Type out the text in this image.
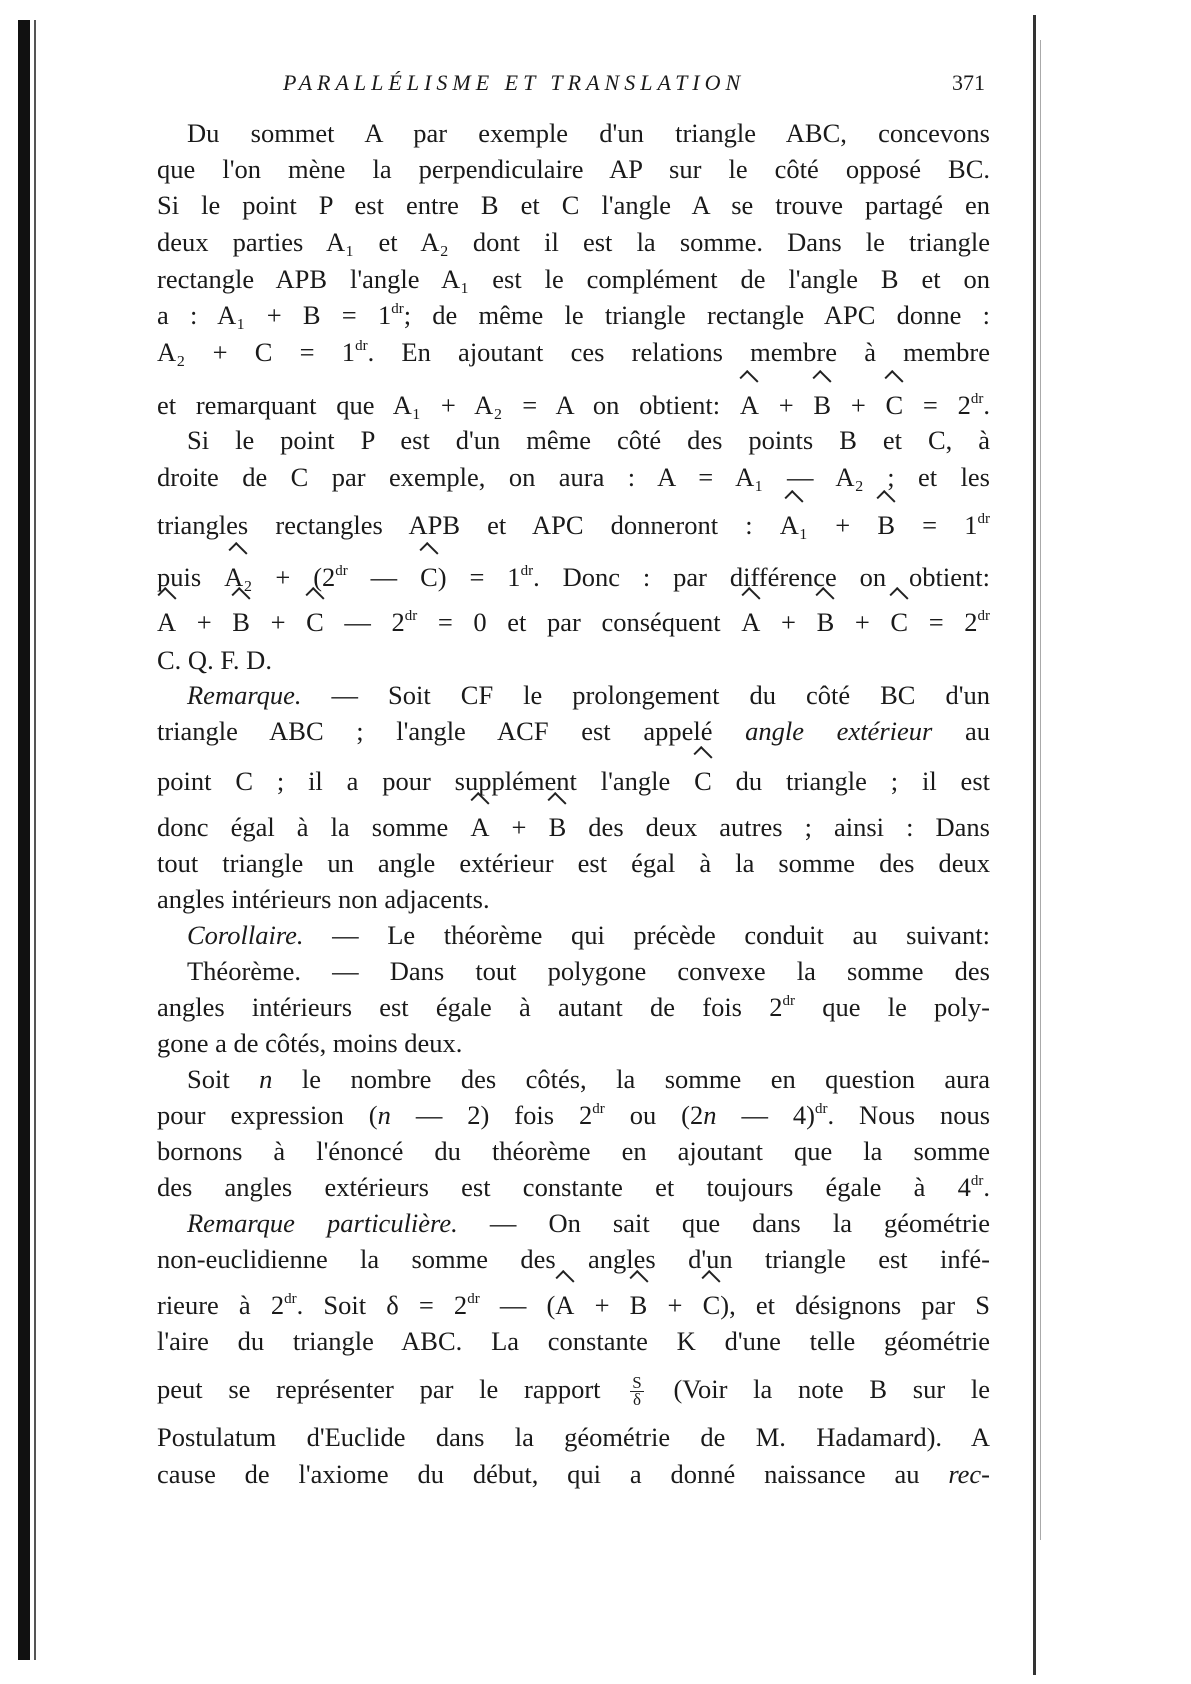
PARALLÉLISME ET TRANSLATION	371
Du sommet A par exemple d'un triangle ABC, concevons
que l'on mène la perpendiculaire AP sur le côté opposé BC.
Si le point P est entre B et C l'angle A se trouve partagé en
deux parties A₁ et A₂ dont il est la somme. Dans le triangle
rectangle APB l'angle A₁ est le complément de l'angle B et on
a : $A_1 + B = 1^{dr}$; de même le triangle rectangle APC donne :
$A_2 + C = 1^{dr}$. En ajoutant ces relations membre à membre
et remarquant que A₁ + A₂ = A on obtient: $A + B + C = 2^{dr}$.
Si le point P est d'un même côté des points B et C, à
droite de C par exemple, on aura : A = A₁ — A₂ ; et les
triangles rectangles APB et APC donneront : $A_1 + B = 1^{dr}$
puis $A_2 + (2^{dr}$ — $C) = 1^{dr}$. Donc : par différence on obtient:
A + B + C — $2^{dr} = 0$ et par conséquent $A + B + C = 2^{dr}$
C. Q. F. D.
Remarque. — Soit CF le prolongement du côté BC d'un
triangle ABC ; l'angle ACF est appelé angle extérieur au
point C ; il a pour supplément l'angle C du triangle ; il est
donc égal à la somme A + B des deux autres ; ainsi : Dans
tout triangle un angle extérieur est égal à la somme des deux
angles intérieurs non adjacents.
Corollaire. — Le théorème qui précède conduit au suivant:
Théorème. — Dans tout polygone convexe la somme des
angles intérieurs est égale à autant de fois $2^{dr}$ que le poly-
gone a de côtés, moins deux.
Soit n le nombre des côtés, la somme en question aura
pour expression (n — 2) fois $2^{dr}$ ou (2n — 4)$^{dr}$. Nous nous
bornons à l'énoncé du théorème en ajoutant que la somme
des angles extérieurs est constante et toujours égale à $4^{dr}$.
Remarque particulière. — On sait que dans la géométrie
non-euclidienne la somme des angles d'un triangle est infé-
rieure à $2^{dr}$. Soit $\delta = 2^{dr}$ — (A + B + C), et désignons par S
l'aire du triangle ABC. La constante K d'une telle géométrie
peut se représenter par le rapport $\frac{S}{\delta}$ (Voir la note B sur le
Postulatum d'Euclide dans la géométrie de M. Hadamard). A
cause de l'axiome du début, qui a donné naissance au rec-
